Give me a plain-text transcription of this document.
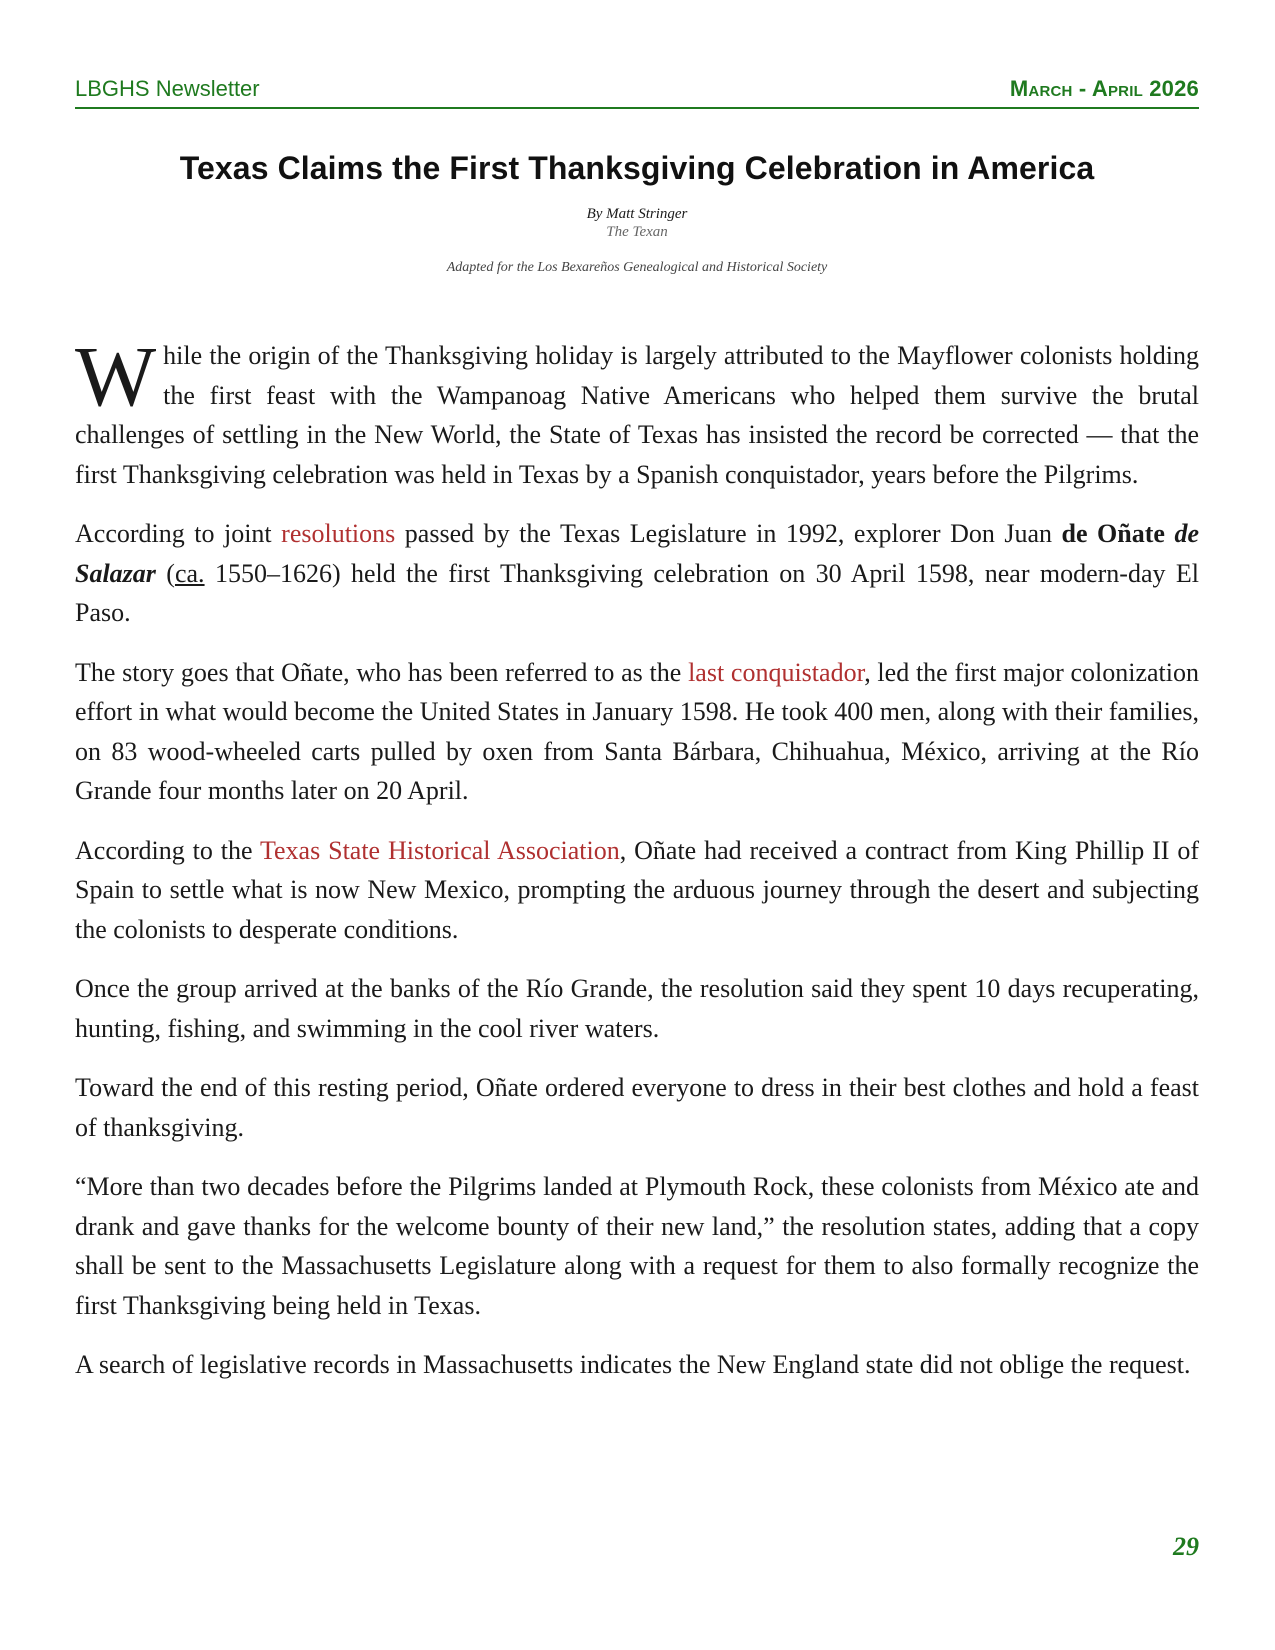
LBGHS Newsletter	March - April 2026
Texas Claims the First Thanksgiving Celebration in America
By Matt Stringer
The Texan
Adapted for the Los Bexareños Genealogical and Historical Society

While the origin of the Thanksgiving holiday is largely attributed to the Mayflower colonists holding the first feast with the Wampanoag Native Americans who helped them survive the brutal challenges of settling in the New World, the State of Texas has insisted the record be corrected — that the first Thanksgiving celebration was held in Texas by a Spanish conquistador, years before the Pilgrims.

According to joint resolutions passed by the Texas Legislature in 1992, explorer Don Juan de Oñate de Salazar (ca. 1550–1626) held the first Thanksgiving celebration on 30 April 1598, near modern-day El Paso.

The story goes that Oñate, who has been referred to as the last conquistador, led the first major colonization effort in what would become the United States in January 1598. He took 400 men, along with their families, on 83 wood-wheeled carts pulled by oxen from Santa Bárbara, Chihuahua, México, arriving at the Río Grande four months later on 20 April.

According to the Texas State Historical Association, Oñate had received a contract from King Phillip II of Spain to settle what is now New Mexico, prompting the arduous journey through the desert and subjecting the colonists to desperate conditions.

Once the group arrived at the banks of the Río Grande, the resolution said they spent 10 days recuperating, hunting, fishing, and swimming in the cool river waters.

Toward the end of this resting period, Oñate ordered everyone to dress in their best clothes and hold a feast of thanksgiving.

“More than two decades before the Pilgrims landed at Plymouth Rock, these colonists from México ate and drank and gave thanks for the welcome bounty of their new land,” the resolution states, adding that a copy shall be sent to the Massachusetts Legislature along with a request for them to also formally recognize the first Thanksgiving being held in Texas.

A search of legislative records in Massachusetts indicates the New England state did not oblige the request.

29
